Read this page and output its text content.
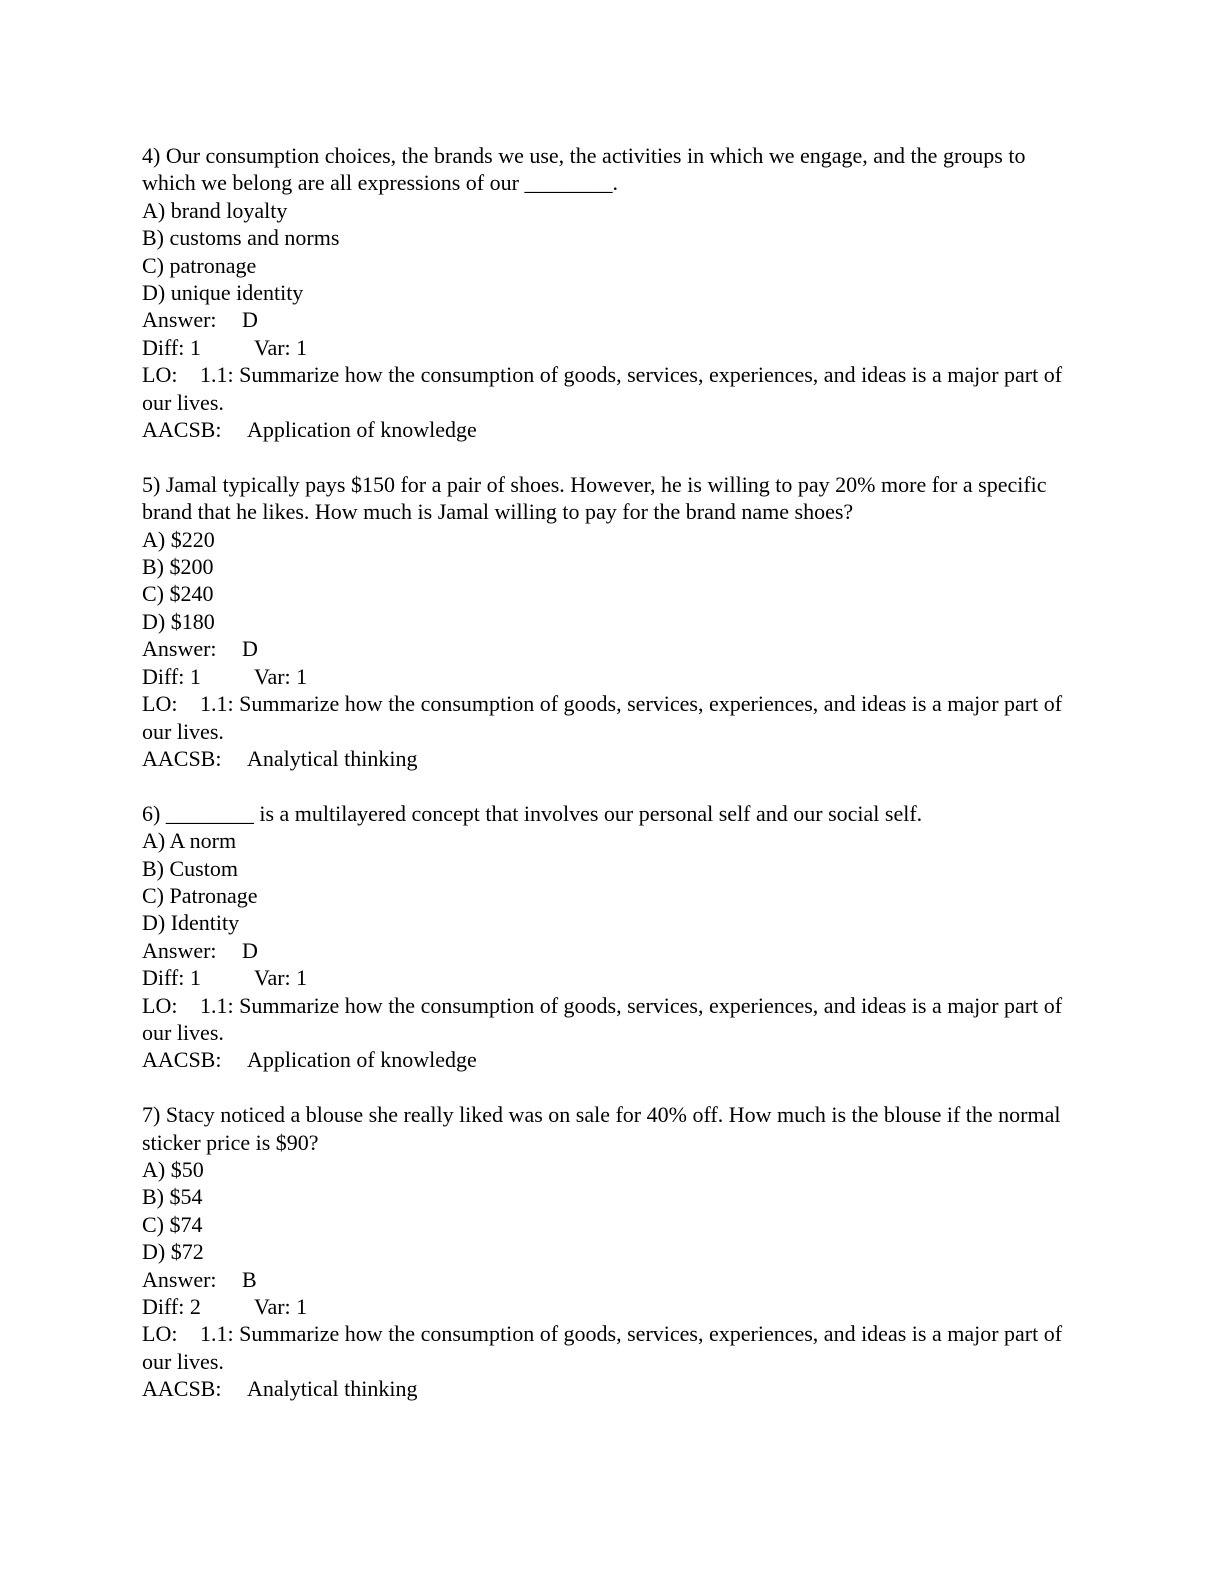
4) Our consumption choices, the brands we use, the activities in which we engage, and the groups to which we belong are all expressions of our ________.
A) brand loyalty
B) customs and norms
C) patronage
D) unique identity
Answer: D
Diff: 1 Var: 1
LO: 1.1: Summarize how the consumption of goods, services, experiences, and ideas is a major part of our lives.
AACSB: Application of knowledge
5) Jamal typically pays $150 for a pair of shoes. However, he is willing to pay 20% more for a specific brand that he likes. How much is Jamal willing to pay for the brand name shoes?
A) $220
B) $200
C) $240
D) $180
Answer: D
Diff: 1 Var: 1
LO: 1.1: Summarize how the consumption of goods, services, experiences, and ideas is a major part of our lives.
AACSB: Analytical thinking
6) ________ is a multilayered concept that involves our personal self and our social self.
A) A norm
B) Custom
C) Patronage
D) Identity
Answer: D
Diff: 1 Var: 1
LO: 1.1: Summarize how the consumption of goods, services, experiences, and ideas is a major part of our lives.
AACSB: Application of knowledge
7) Stacy noticed a blouse she really liked was on sale for 40% off. How much is the blouse if the normal sticker price is $90?
A) $50
B) $54
C) $74
D) $72
Answer: B
Diff: 2 Var: 1
LO: 1.1: Summarize how the consumption of goods, services, experiences, and ideas is a major part of our lives.
AACSB: Analytical thinking
